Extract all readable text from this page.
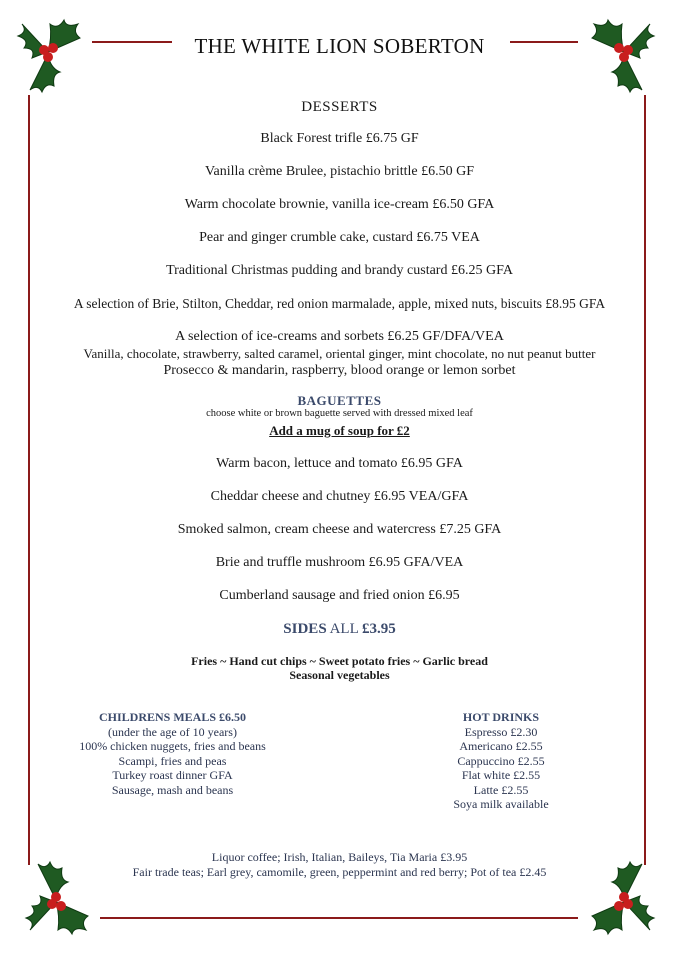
THE WHITE LION SOBERTON
DESSERTS
Black Forest trifle £6.75 GF
Vanilla crème Brulee, pistachio brittle £6.50 GF
Warm chocolate brownie, vanilla ice-cream £6.50 GFA
Pear and ginger crumble cake, custard £6.75 VEA
Traditional Christmas pudding and brandy custard £6.25 GFA
A selection of Brie, Stilton, Cheddar, red onion marmalade, apple, mixed nuts, biscuits £8.95 GFA
A selection of ice-creams and sorbets £6.25 GF/DFA/VEA
Vanilla, chocolate, strawberry, salted caramel, oriental ginger, mint chocolate, no nut peanut butter
Prosecco & mandarin, raspberry, blood orange or lemon sorbet
BAGUETTES
choose white or brown baguette served with dressed mixed leaf
Add a mug of soup for £2
Warm bacon, lettuce and tomato £6.95 GFA
Cheddar cheese and chutney £6.95 VEA/GFA
Smoked salmon, cream cheese and watercress £7.25 GFA
Brie and truffle mushroom £6.95 GFA/VEA
Cumberland sausage and fried onion £6.95
SIDES ALL £3.95
Fries ~ Hand cut chips ~ Sweet potato fries ~ Garlic bread
Seasonal vegetables
CHILDRENS MEALS £6.50
(under the age of 10 years)
100% chicken nuggets, fries and beans
Scampi, fries and peas
Turkey roast dinner GFA
Sausage, mash and beans
HOT DRINKS
Espresso £2.30
Americano £2.55
Cappuccino £2.55
Flat white £2.55
Latte £2.55
Soya milk available
Liquor coffee; Irish, Italian, Baileys, Tia Maria £3.95
Fair trade teas; Earl grey, camomile, green, peppermint and red berry; Pot of tea £2.45
